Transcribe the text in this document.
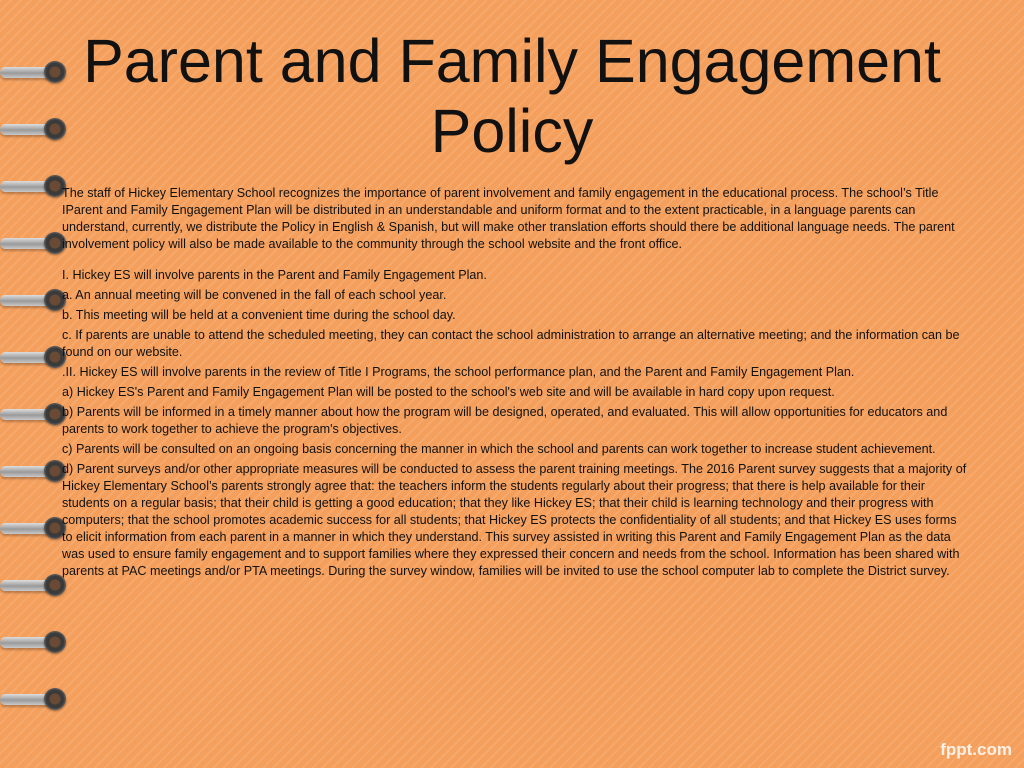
Parent and Family Engagement Policy

The staff of Hickey Elementary School recognizes the importance of parent involvement and family engagement in the educational process. The school’s Title IParent and Family Engagement Plan will be distributed in an understandable and uniform format and to the extent practicable, in a language parents can understand, currently, we distribute the Policy in English & Spanish, but will make other translation efforts should there be additional language needs. The parent involvement policy will also be made available to the community through the school website and the front office.

I. Hickey ES will involve parents in the Parent and Family Engagement Plan.

a. An annual meeting will be convened in the fall of each school year.

b. This meeting will be held at a convenient time during the school day.

c. If parents are unable to attend the scheduled meeting, they can contact the school administration to arrange an alternative meeting; and the information can be found on our website.

.II. Hickey ES will involve parents in the review of Title I Programs, the school performance plan, and the Parent and Family Engagement Plan.

a) Hickey ES's Parent and Family Engagement Plan will be posted to the school's web site and will be available in hard copy upon request.

b) Parents will be informed in a timely manner about how the program will be designed, operated, and evaluated. This will allow opportunities for educators and parents to work together to achieve the program's objectives.

c) Parents will be consulted on an ongoing basis concerning the manner in which the school and parents can work together to increase student achievement.

d) Parent surveys and/or other appropriate measures will be conducted to assess the parent training meetings. The 2016 Parent survey suggests that a majority of Hickey Elementary School’s parents strongly agree that: the teachers inform the students regularly about their progress; that there is help available for their students on a regular basis; that their child is getting a good education; that they like Hickey ES; that their child is learning technology and their progress with computers; that the school promotes academic success for all students; that Hickey ES protects the confidentiality of all students; and that Hickey ES uses forms to elicit information from each parent in a manner in which they understand. This survey assisted in writing this Parent and Family Engagement Plan as the data was used to ensure family engagement and to support families where they expressed their concern and needs from the school. Information has been shared with parents at PAC meetings and/or PTA meetings. During the survey window, families will be invited to use the school computer lab to complete the District survey.

fppt.com
